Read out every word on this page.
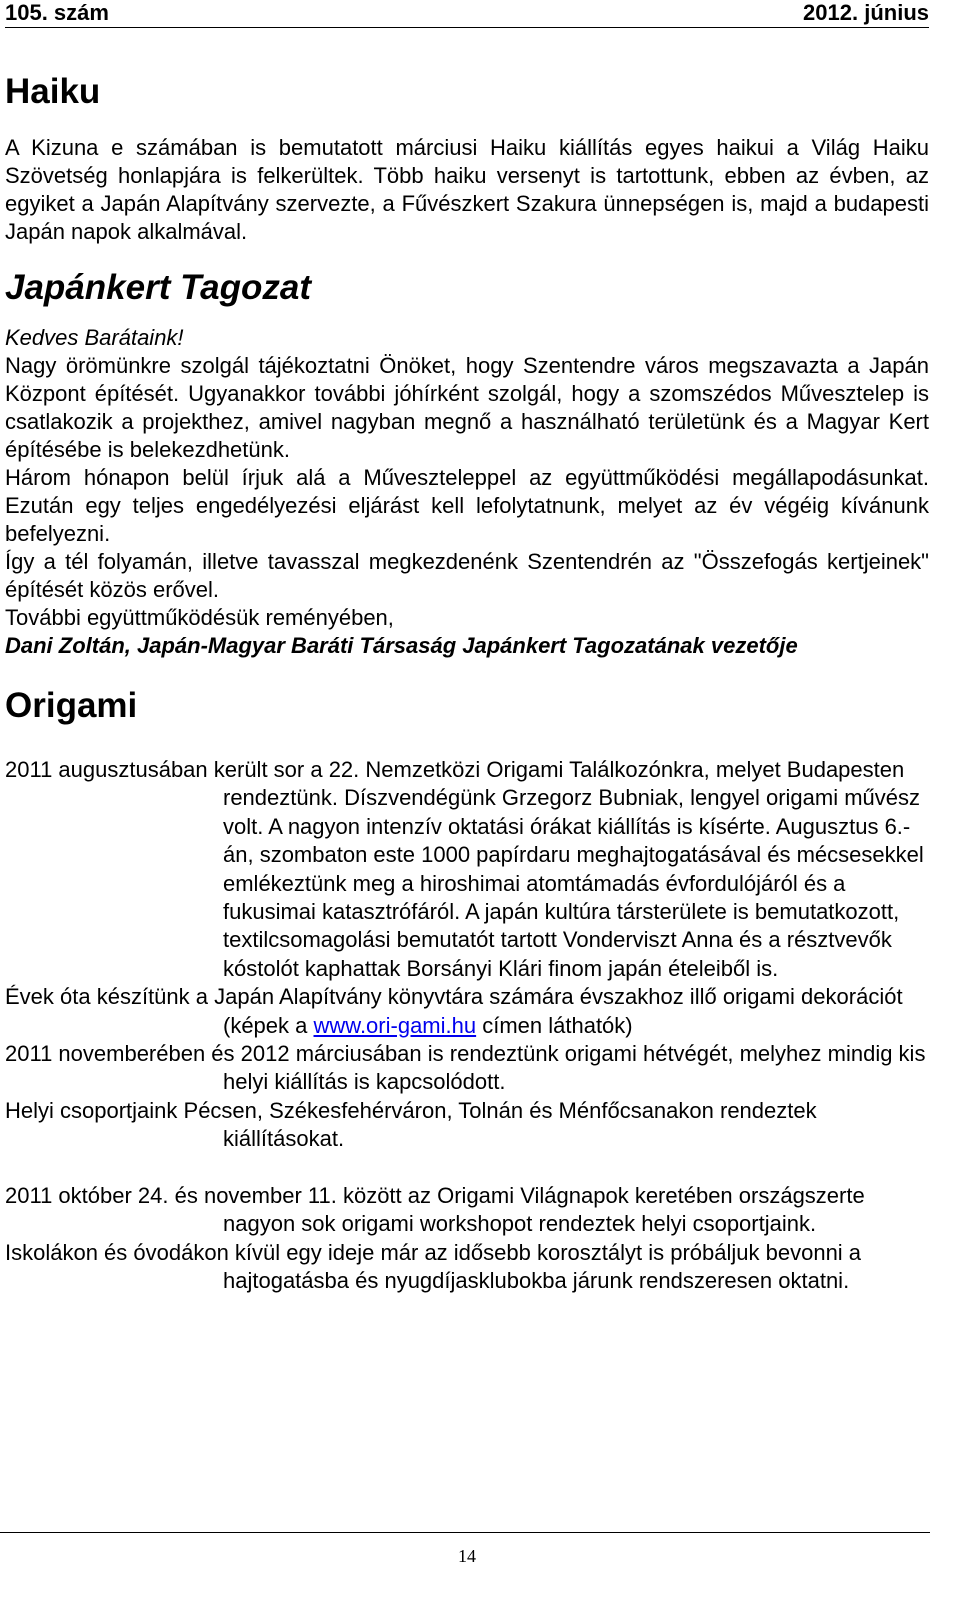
105. szám	2012. június
Haiku

A Kizuna e számában is bemutatott márciusi Haiku kiállítás egyes haikui a Világ Haiku Szövetség honlapjára is felkerültek. Több haiku versenyt is tartottunk, ebben az évben, az egyiket a Japán Alapítvány szervezte, a Fűvészkert Szakura ünnepségen is, majd a budapesti Japán napok alkalmával.

Japánkert Tagozat

Kedves Barátaink!

Nagy örömünkre szolgál tájékoztatni Önöket, hogy Szentendre város megszavazta a Japán Központ építését. Ugyanakkor további jóhírként szolgál, hogy a szomszédos Művesztelep is csatlakozik a projekthez, amivel nagyban megnő a használható területünk és a Magyar Kert építésébe is belekezdhetünk.

Három hónapon belül írjuk alá a Műveszteleppel az együttműködési megállapodásunkat. Ezután egy teljes engedélyezési eljárást kell lefolytatnunk, melyet az év végéig kívánunk befelyezni.

Így a tél folyamán, illetve tavasszal megkezdenénk Szentendrén az "Összefogás kertjeinek" építését közös erővel.

További együttműködésük reményében,

Dani Zoltán, Japán-Magyar Baráti Társaság Japánkert Tagozatának vezetője

Origami

2011 augusztusában került sor a 22. Nemzetközi Origami Találkozónkra, melyet Budapesten rendeztünk. Díszvendégünk Grzegorz Bubniak, lengyel origami művész volt. A nagyon intenzív oktatási órákat kiállítás is kísérte. Augusztus 6.-án, szombaton este 1000 papírdaru meghajtogatásával és mécsesekkel emlékeztünk meg a hiroshimai atomtámadás évfordulójáról és a fukusimai katasztrófáról. A japán kultúra társterülete is bemutatkozott, textilcsomagolási bemutatót tartott Vonderviszt Anna és a résztvevők kóstolót kaphattak Borsányi Klári finom japán ételeiből is.

Évek óta készítünk a Japán Alapítvány könyvtára számára évszakhoz illő origami dekorációt (képek a www.ori-gami.hu címen láthatók)

2011 novemberében és 2012 márciusában is rendeztünk origami hétvégét, melyhez mindig kis helyi kiállítás is kapcsolódott.

Helyi csoportjaink Pécsen, Székesfehérváron, Tolnán és Ménfőcsanakon rendeztek kiállításokat.

2011 október 24. és november 11. között az Origami Világnapok keretében országszerte nagyon sok origami workshopot rendeztek helyi csoportjaink.

Iskolákon és óvodákon kívül egy ideje már az idősebb korosztályt is próbáljuk bevonni a hajtogatásba és nyugdíjasklubokba járunk rendszeresen oktatni.

14
